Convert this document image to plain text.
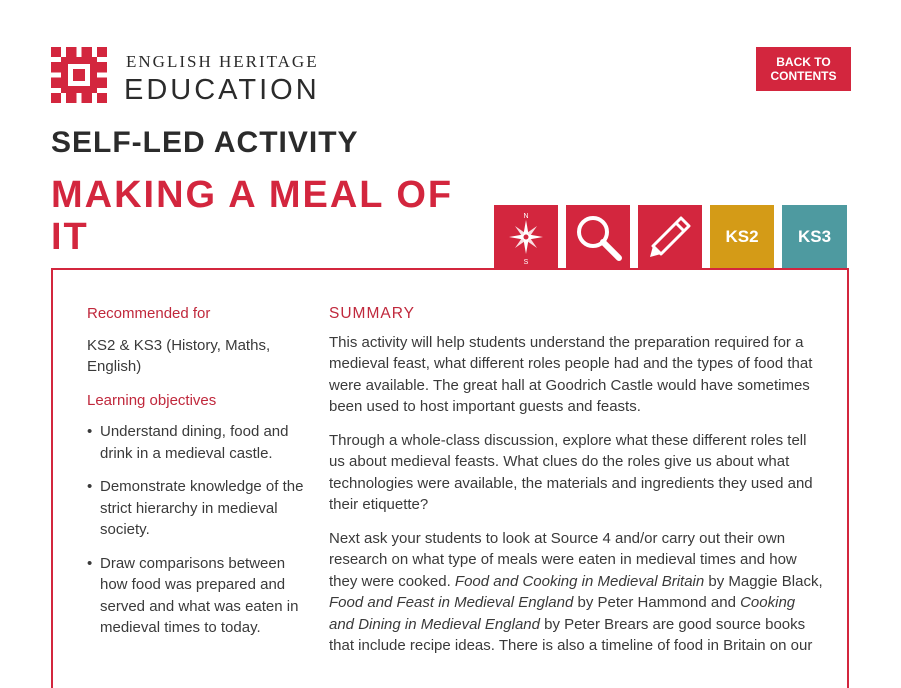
ENGLISH HERITAGE
EDUCATION
BACK TO CONTENTS
SELF-LED ACTIVITY
MAKING A MEAL OF IT	N
S
KS2	KS3
Recommended for

KS2 & KS3 (History, Maths, English)

Learning objectives
• Understand dining, food and drink in a medieval castle.
• Demonstrate knowledge of the strict hierarchy in medieval society.
• Draw comparisons between how food was prepared and served and what was eaten in medieval times to today.
SUMMARY

This activity will help students understand the preparation required for a medieval feast, what different roles people had and the types of food that were available. The great hall at Goodrich Castle would have sometimes been used to host important guests and feasts.

Through a whole-class discussion, explore what these different roles tell us about medieval feasts. What clues do the roles give us about what technologies were available, the materials and ingredients they used and their etiquette?

Next ask your students to look at Source 4 and/or carry out their own research on what type of meals were eaten in medieval times and how they were cooked. Food and Cooking in Medieval Britain by Maggie Black, Food and Feast in Medieval England by Peter Hammond and Cooking and Dining in Medieval England by Peter Brears are good source books that include recipe ideas. There is also a timeline of food in Britain on our
